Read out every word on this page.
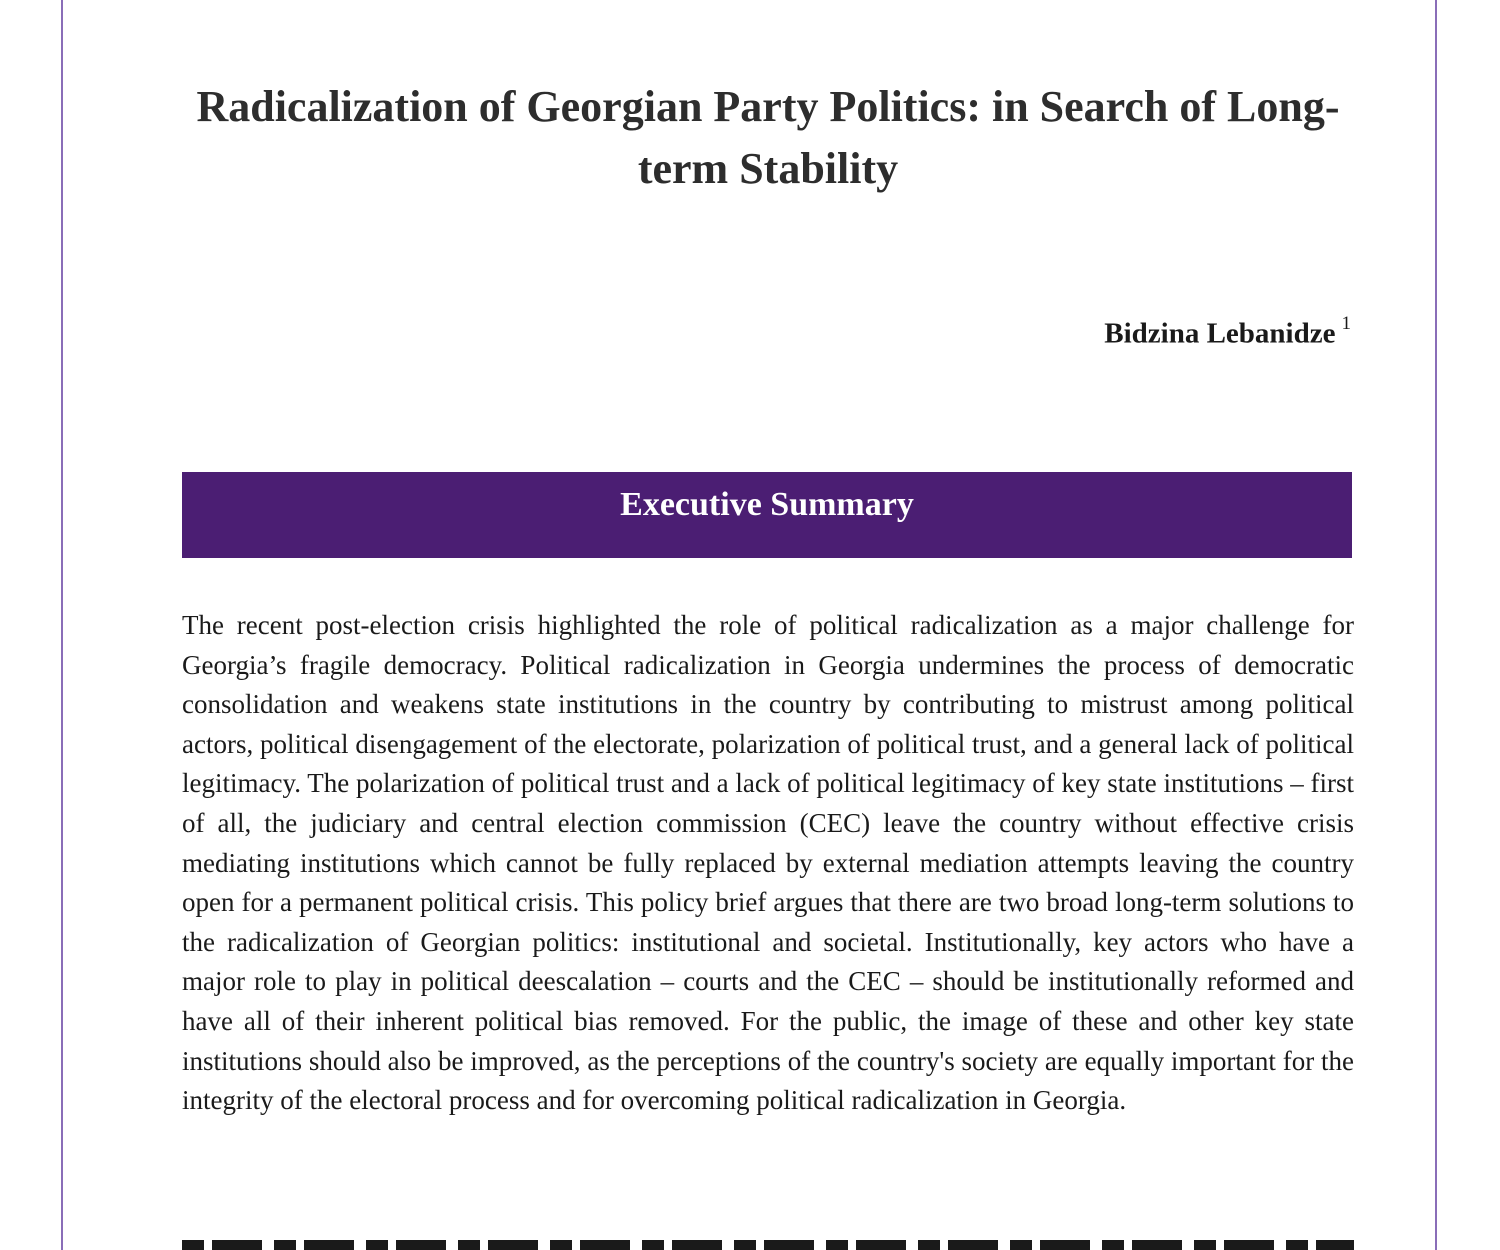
Radicalization of Georgian Party Politics: in Search of Long-term Stability
Bidzina Lebanidze $^1$
Executive Summary

The recent post-election crisis highlighted the role of political radicalization as a major challenge for Georgia’s fragile democracy. Political radicalization in Georgia undermines the process of democratic consolidation and weakens state institutions in the country by contributing to mistrust among political actors, political disengagement of the electorate, polarization of political trust, and a general lack of political legitimacy. The polarization of political trust and a lack of political legitimacy of key state institutions – first of all, the judiciary and central election commission (CEC) leave the country without effective crisis mediating institutions which cannot be fully replaced by external mediation attempts leaving the country open for a permanent political crisis. This policy brief argues that there are two broad long-term solutions to the radicalization of Georgian politics: institutional and societal. Institutionally, key actors who have a major role to play in political deescalation – courts and the CEC – should be institutionally reformed and have all of their inherent political bias removed. For the public, the image of these and other key state institutions should also be improved, as the perceptions of the country's society are equally important for the integrity of the electoral process and for overcoming political radicalization in Georgia.
